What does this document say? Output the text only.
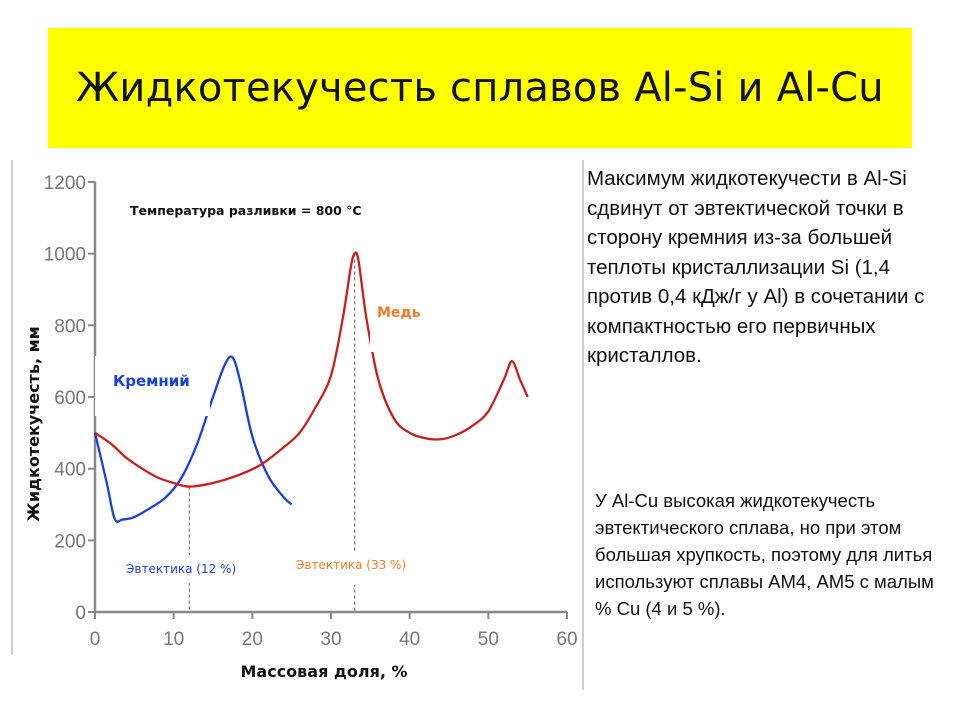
Жидкотекучесть сплавов Al-Si и Al-Cu
0	10	20	30	40	50	60
0
200
400
600
800
1000
1200
Температура разливки = 800 °C
Кремний
Медь
Эвтектика (12 %)	Эвтектика (33 %)
Жидкотекучесть, мм
Массовая доля, %
Максимум жидкотекучести в Al-Si сдвинут от эвтектической точки в сторону кремния из-за большей теплоты кристаллизации Si (1,4 против 0,4 кДж/г у Al) в сочетании с компактностью его первичных кристаллов.
У Al-Cu высокая жидкотекучесть эвтектического сплава, но при этом большая хрупкость, поэтому для литья используют сплавы АМ4, АМ5 с малым % Cu (4 и 5 %).
